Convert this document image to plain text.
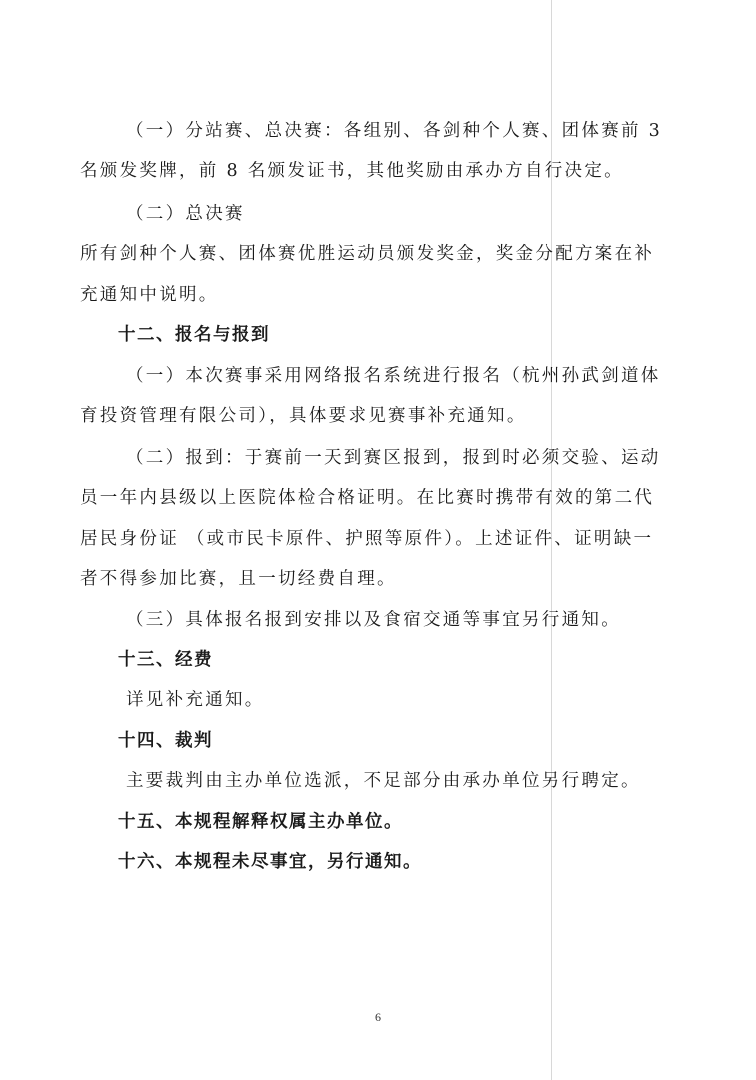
（一）分站赛、总决赛：各组别、各剑种个人赛、团体赛前 3
名颁发奖牌，前 8 名颁发证书，其他奖励由承办方自行决定。
（二）总决赛
所有剑种个人赛、团体赛优胜运动员颁发奖金，奖金分配方案在补
充通知中说明。
十二、报名与报到
（一）本次赛事采用网络报名系统进行报名（杭州孙武剑道体
育投资管理有限公司），具体要求见赛事补充通知。
（二）报到：于赛前一天到赛区报到，报到时必须交验、运动
员一年内县级以上医院体检合格证明。在比赛时携带有效的第二代
居民身份证 （或市民卡原件、护照等原件）。上述证件、证明缺一
者不得参加比赛，且一切经费自理。
（三）具体报名报到安排以及食宿交通等事宜另行通知。
十三、经费
详见补充通知。
十四、裁判
主要裁判由主办单位选派，不足部分由承办单位另行聘定。
十五、本规程解释权属主办单位。
十六、本规程未尽事宜，另行通知。
6
